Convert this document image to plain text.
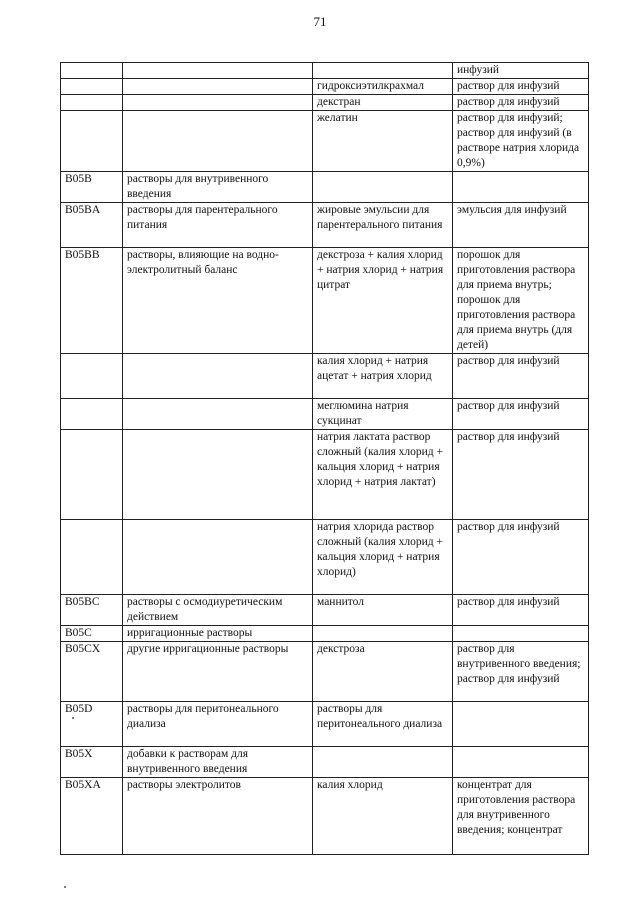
71
			инфузий
		гидроксиэтилкрахмал	раствор для инфузий
		декстран	раствор для инфузий
		желатин	раствор для инфузий; раствор для инфузий (в растворе натрия хлорида 0,9%)
B05B	растворы для внутривенного введения		
B05BA	растворы для парентерального питания	жировые эмульсии для парентерального питания	эмульсия для инфузий
B05BB	растворы, влияющие на водно-электролитный баланс	декстроза + калия хлорид + натрия хлорид + натрия цитрат	порошок для приготовления раствора для приема внутрь; порошок для приготовления раствора для приема внутрь (для детей)
		калия хлорид + натрия ацетат + натрия хлорид	раствор для инфузий
		меглюмина натрия сукцинат	раствор для инфузий
		натрия лактата раствор сложный (калия хлорид + кальция хлорид + натрия хлорид + натрия лактат)	раствор для инфузий
		натрия хлорида раствор сложный (калия хлорид + кальция хлорид + натрия хлорид)	раствор для инфузий
B05BC	растворы с осмодиуретическим действием	маннитол	раствор для инфузий
B05C	ирригационные растворы		
B05CX	другие ирригационные растворы	декстроза	раствор для внутривенного введения; раствор для инфузий
B05D	растворы для перитонеального диализа	растворы для перитонеального диализа	
B05X	добавки к растворам для внутривенного введения		
B05XA	растворы электролитов	калия хлорид	концентрат для приготовления раствора для внутривенного введения; концентрат
